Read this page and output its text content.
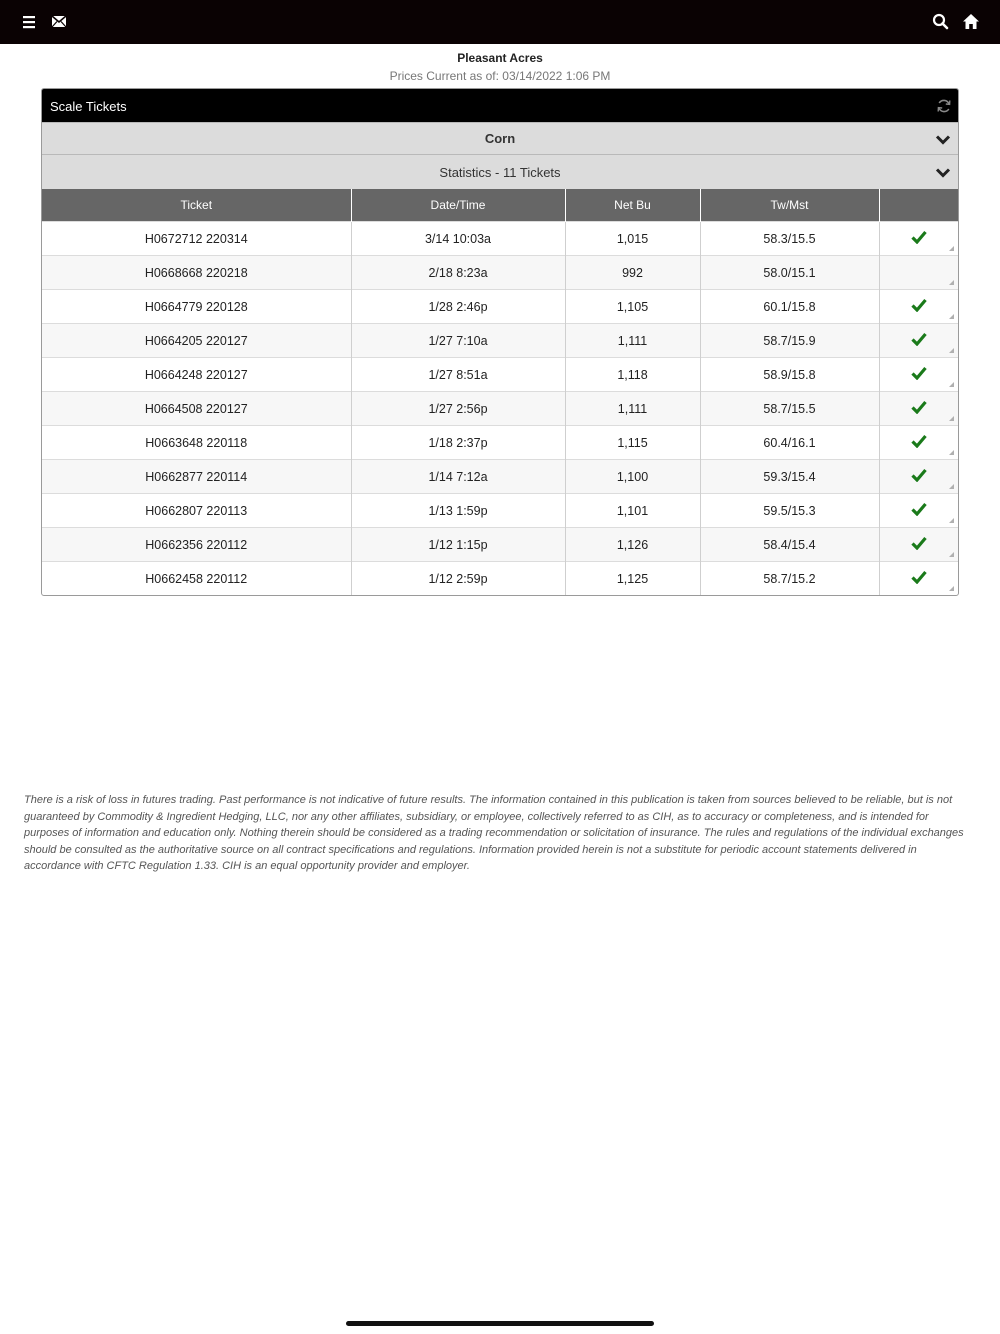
Pleasant Acres
Prices Current as of: 03/14/2022 1:06 PM
Scale Tickets
Corn
Statistics - 11 Tickets
Ticket	Date/Time	Net Bu	Tw/Mst	
H0672712 220314	3/14 10:03a	1,015	58.3/15.5	

H0668668 220218	2/18 8:23a	992	58.0/15.1	

H0664779 220128	1/28 2:46p	1,105	60.1/15.8	

H0664205 220127	1/27 7:10a	1,111	58.7/15.9	

H0664248 220127	1/27 8:51a	1,118	58.9/15.8	

H0664508 220127	1/27 2:56p	1,111	58.7/15.5	

H0663648 220118	1/18 2:37p	1,115	60.4/16.1	

H0662877 220114	1/14 7:12a	1,100	59.3/15.4	

H0662807 220113	1/13 1:59p	1,101	59.5/15.3	

H0662356 220112	1/12 1:15p	1,126	58.4/15.4	

H0662458 220112	1/12 2:59p	1,125	58.7/15.2	
There is a risk of loss in futures trading. Past performance is not indicative of future results. The information contained in this publication is taken from sources believed to be reliable, but is not guaranteed by Commodity & Ingredient Hedging, LLC, nor any other affiliates, subsidiary, or employee, collectively referred to as CIH, as to accuracy or completeness, and is intended for purposes of information and education only. Nothing therein should be considered as a trading recommendation or solicitation of insurance. The rules and regulations of the individual exchanges should be consulted as the authoritative source on all contract specifications and regulations. Information provided herein is not a substitute for periodic account statements delivered in accordance with CFTC Regulation 1.33. CIH is an equal opportunity provider and employer.
